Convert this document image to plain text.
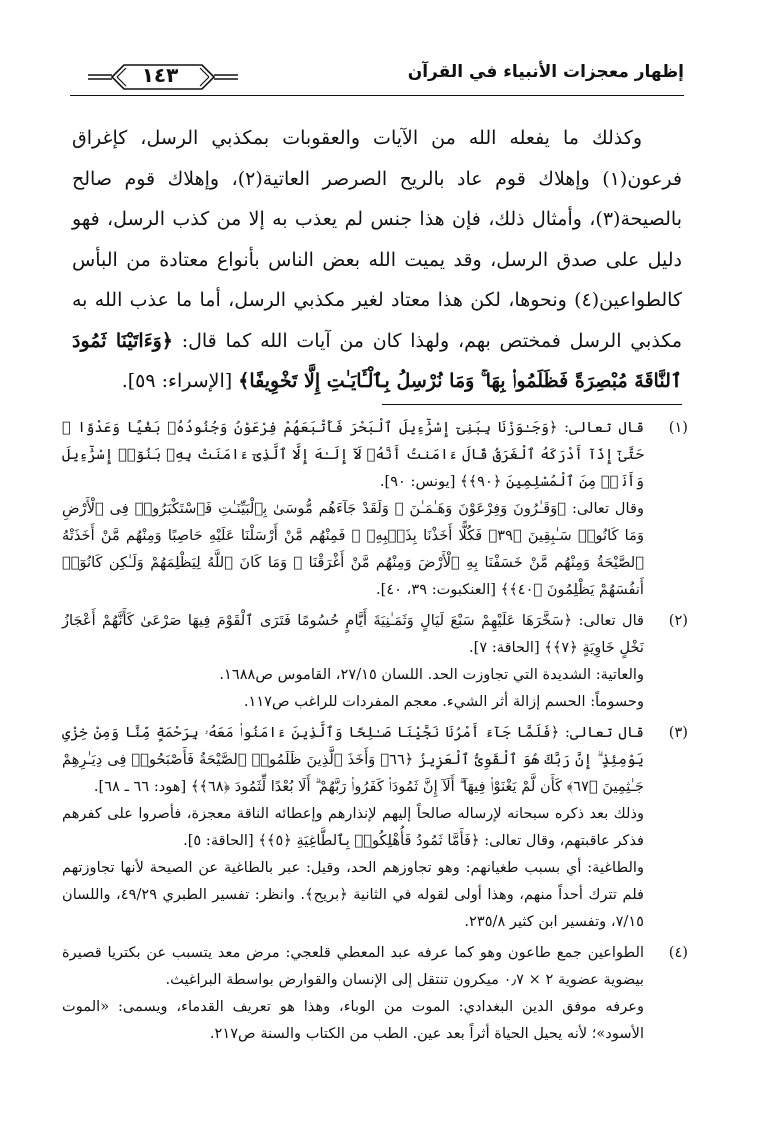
إظهار معجزات الأنبياء في القرآن
١٤٣

وكذلك ما يفعله الله من الآيات والعقوبات بمكذبي الرسل، كإغراق فرعون(١) وإهلاك قوم عاد بالريح الصرصر العاتية(٢)، وإهلاك قوم صالح بالصيحة(٣)، وأمثال ذلك، فإن هذا جنس لم يعذب به إلا من كذب الرسل، فهو دليل على صدق الرسل، وقد يميت الله بعض الناس بأنواع معتادة من البأس كالطواعين(٤) ونحوها، لكن هذا معتاد لغير مكذبي الرسل، أما ما عذب الله به مكذبي الرسل فمختص بهم، ولهذا كان من آيات الله كما قال: ﴿وَءَاتَيْنَا ثَمُودَ ٱلنَّاقَةَ مُبْصِرَةً فَظَلَمُوا۟ بِهَا ۚ وَمَا نُرْسِلُ بِٱلْـَٔايَـٰتِ إِلَّا تَخْوِيفًا﴾ [الإسراء: ٥٩].

(١)

قال تعالى: ﴿وَجَـٰوَزْنَا بِبَنِىٓ إِسْرَٰٓءِيلَ ٱلْبَحْرَ فَأَتْبَعَهُمْ فِرْعَوْنُ وَجُنُودُهُۥ بَغْيًا وَعَدْوًا ۖ حَتَّىٰٓ إِذَآ أَدْرَكَهُ ٱلْغَرَقُ قَالَ ءَامَنتُ أَنَّهُۥ لَآ إِلَـٰهَ إِلَّا ٱلَّذِىٓ ءَامَنَتْ بِهِۦ بَنُوٓا۟ إِسْرَٰٓءِيلَ وَأَنَا۠ مِنَ ٱلْمُسْلِمِينَ ﴿٩٠﴾﴾ [يونس: ٩٠].

وقال تعالى: ﴿وَقَـٰرُونَ وَفِرْعَوْنَ وَهَـٰمَـٰنَ ۖ وَلَقَدْ جَآءَهُم مُّوسَىٰ بِٱلْبَيِّنَـٰتِ فَٱسْتَكْبَرُوا۟ فِى ٱلْأَرْضِ وَمَا كَانُوا۟ سَـٰبِقِينَ ﴿٣٩﴾ فَكُلًّا أَخَذْنَا بِذَنۢبِهِۦ ۖ فَمِنْهُم مَّنْ أَرْسَلْنَا عَلَيْهِ حَاصِبًا وَمِنْهُم مَّنْ أَخَذَتْهُ ٱلصَّيْحَةُ وَمِنْهُم مَّنْ خَسَفْنَا بِهِ ٱلْأَرْضَ وَمِنْهُم مَّنْ أَغْرَقْنَا ۚ وَمَا كَانَ ٱللَّهُ لِيَظْلِمَهُمْ وَلَـٰكِن كَانُوٓا۟ أَنفُسَهُمْ يَظْلِمُونَ ﴿٤٠﴾﴾ [العنكبوت: ٣٩، ٤٠].

(٢)

قال تعالى: ﴿سَخَّرَهَا عَلَيْهِمْ سَبْعَ لَيَالٍ وَثَمَـٰنِيَةَ أَيَّامٍ حُسُومًا فَتَرَى ٱلْقَوْمَ فِيهَا صَرْعَىٰ كَأَنَّهُمْ أَعْجَازُ نَخْلٍ خَاوِيَةٍ ﴿٧﴾﴾ [الحاقة: ٧].

والعاتية: الشديدة التي تجاوزت الحد. اللسان ٢٧/١٥، القاموس ص١٦٨٨.

وحسوماً: الحسم إزالة أثر الشيء. معجم المفردات للراغب ص١١٧.

(٣)

قال تعالى: ﴿فَلَمَّا جَآءَ أَمْرُنَا نَجَّيْنَا صَـٰلِحًا وَٱلَّذِينَ ءَامَنُوا۟ مَعَهُۥ بِرَحْمَةٍ مِّنَّا وَمِنْ خِزْىِ يَوْمِئِذٍ ۗ إِنَّ رَبَّكَ هُوَ ٱلْقَوِىُّ ٱلْعَزِيزُ ﴿٦٦﴾ وَأَخَذَ ٱلَّذِينَ ظَلَمُوا۟ ٱلصَّيْحَةُ فَأَصْبَحُوا۟ فِى دِيَـٰرِهِمْ جَـٰثِمِينَ ﴿٦٧﴾ كَأَن لَّمْ يَغْنَوْا۟ فِيهَآ ۗ أَلَآ إِنَّ ثَمُودَا۟ كَفَرُوا۟ رَبَّهُمْ ۗ أَلَا بُعْدًا لِّثَمُودَ ﴿٦٨﴾﴾ [هود: ٦٦ ـ ٦٨].

وذلك بعد ذكره سبحانه لإرساله صالحاً إليهم لإنذارهم وإعطائه الناقة معجزة، فأصروا على كفرهم فذكر عاقبتهم، وقال تعالى: ﴿فَأَمَّا ثَمُودُ فَأُهْلِكُوا۟ بِٱلطَّاغِيَةِ ﴿٥﴾﴾ [الحاقة: ٥].

والطاغية: أي بسبب طغيانهم: وهو تجاوزهم الحد، وقيل: عبر بالطاغية عن الصيحة لأنها تجاوزتهم فلم تترك أحداً منهم، وهذا أولى لقوله في الثانية ﴿بريح﴾. وانظر: تفسير الطبري ٤٩/٢٩، واللسان ٧/١٥، وتفسير ابن كثير ٢٣٥/٨.

(٤)

الطواعين جمع طاعون وهو كما عرفه عبد المعطي قلعجي: مرض معد يتسبب عن بكتريا قصيرة بيضوية عضوية ٢ × ٠٫٧ ميكرون تنتقل إلى الإنسان والقوارض بواسطة البراغيث.

وعرفه موفق الدين البغدادي: الموت من الوباء، وهذا هو تعريف القدماء، ويسمى: «الموت الأسود»؛ لأنه يحيل الحياة أثراً بعد عين. الطب من الكتاب والسنة ص٢١٧.
